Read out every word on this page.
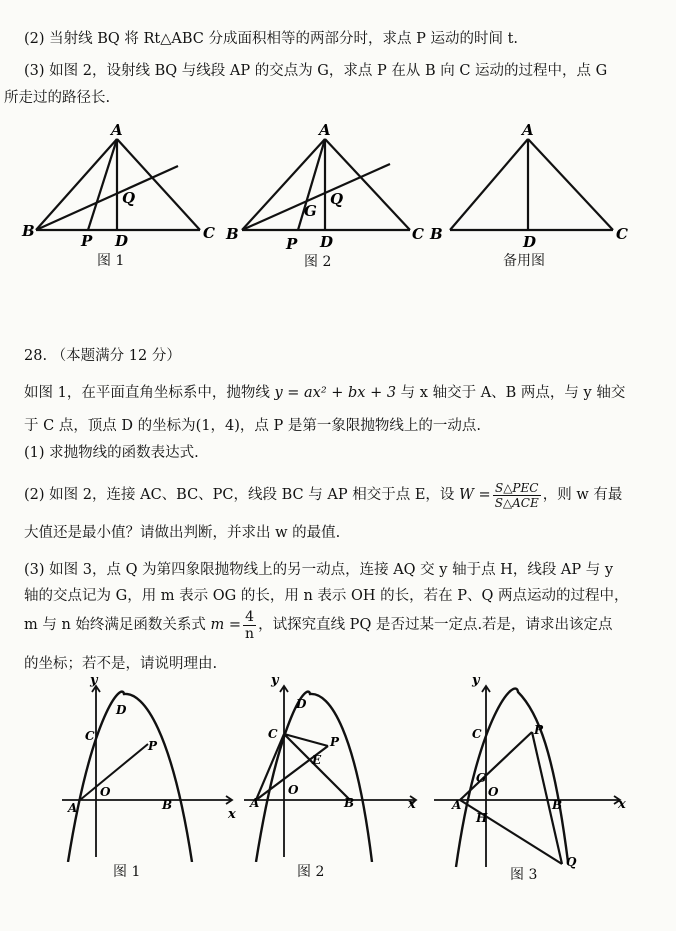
(2) 当射线 BQ 将 Rt△ABC 分成面积相等的两部分时，求点 P 运动的时间 t.
(3) 如图 2，设射线 BQ 与线段 AP 的交点为 G，求点 P 在从 B 向 C 运动的过程中，点 G
所走过的路径长.
A
B	C
D
P
Q
图 1
A
B	C
D
P
Q
G
图 2
A
B	C
D
备用图
28. （本题满分 12 分）
如图 1，在平面直角坐标系中，抛物线 y = ax² + bx + 3 与 x 轴交于 A、B 两点，与 y 轴交
于 C 点，顶点 D 的坐标为(1，4)，点 P 是第一象限抛物线上的一动点.
(1) 求抛物线的函数表达式.
(2) 如图 2，连接 AC、BC、PC，线段 BC 与 AP 相交于点 E，设 $W = \frac{\text{S△PEC}}{\text{S△ACE}}$ ，则 w 有最
大值还是最小值？请做出判断，并求出 w 的最值.
(3) 如图 3，点 Q 为第四象限抛物线上的另一动点，连接 AQ 交 y 轴于点 H，线段 AP 与 y
轴的交点记为 G，用 m 表示 OG 的长，用 n 表示 OH 的长，若在 P、Q 两点运动的过程中，
m 与 n 始终满足函数关系式 $m = \frac{4}{n}$ ，试探究直线 PQ 是否过某一定点.若是，请求出该定点
的坐标；若不是，请说明理由.
y
x
O
A	B
C
D
P
图 1
y
x
O
A	B
C
D
P
E
图 2
y
x
O
A	B
C	P
G
H
Q
图 3
